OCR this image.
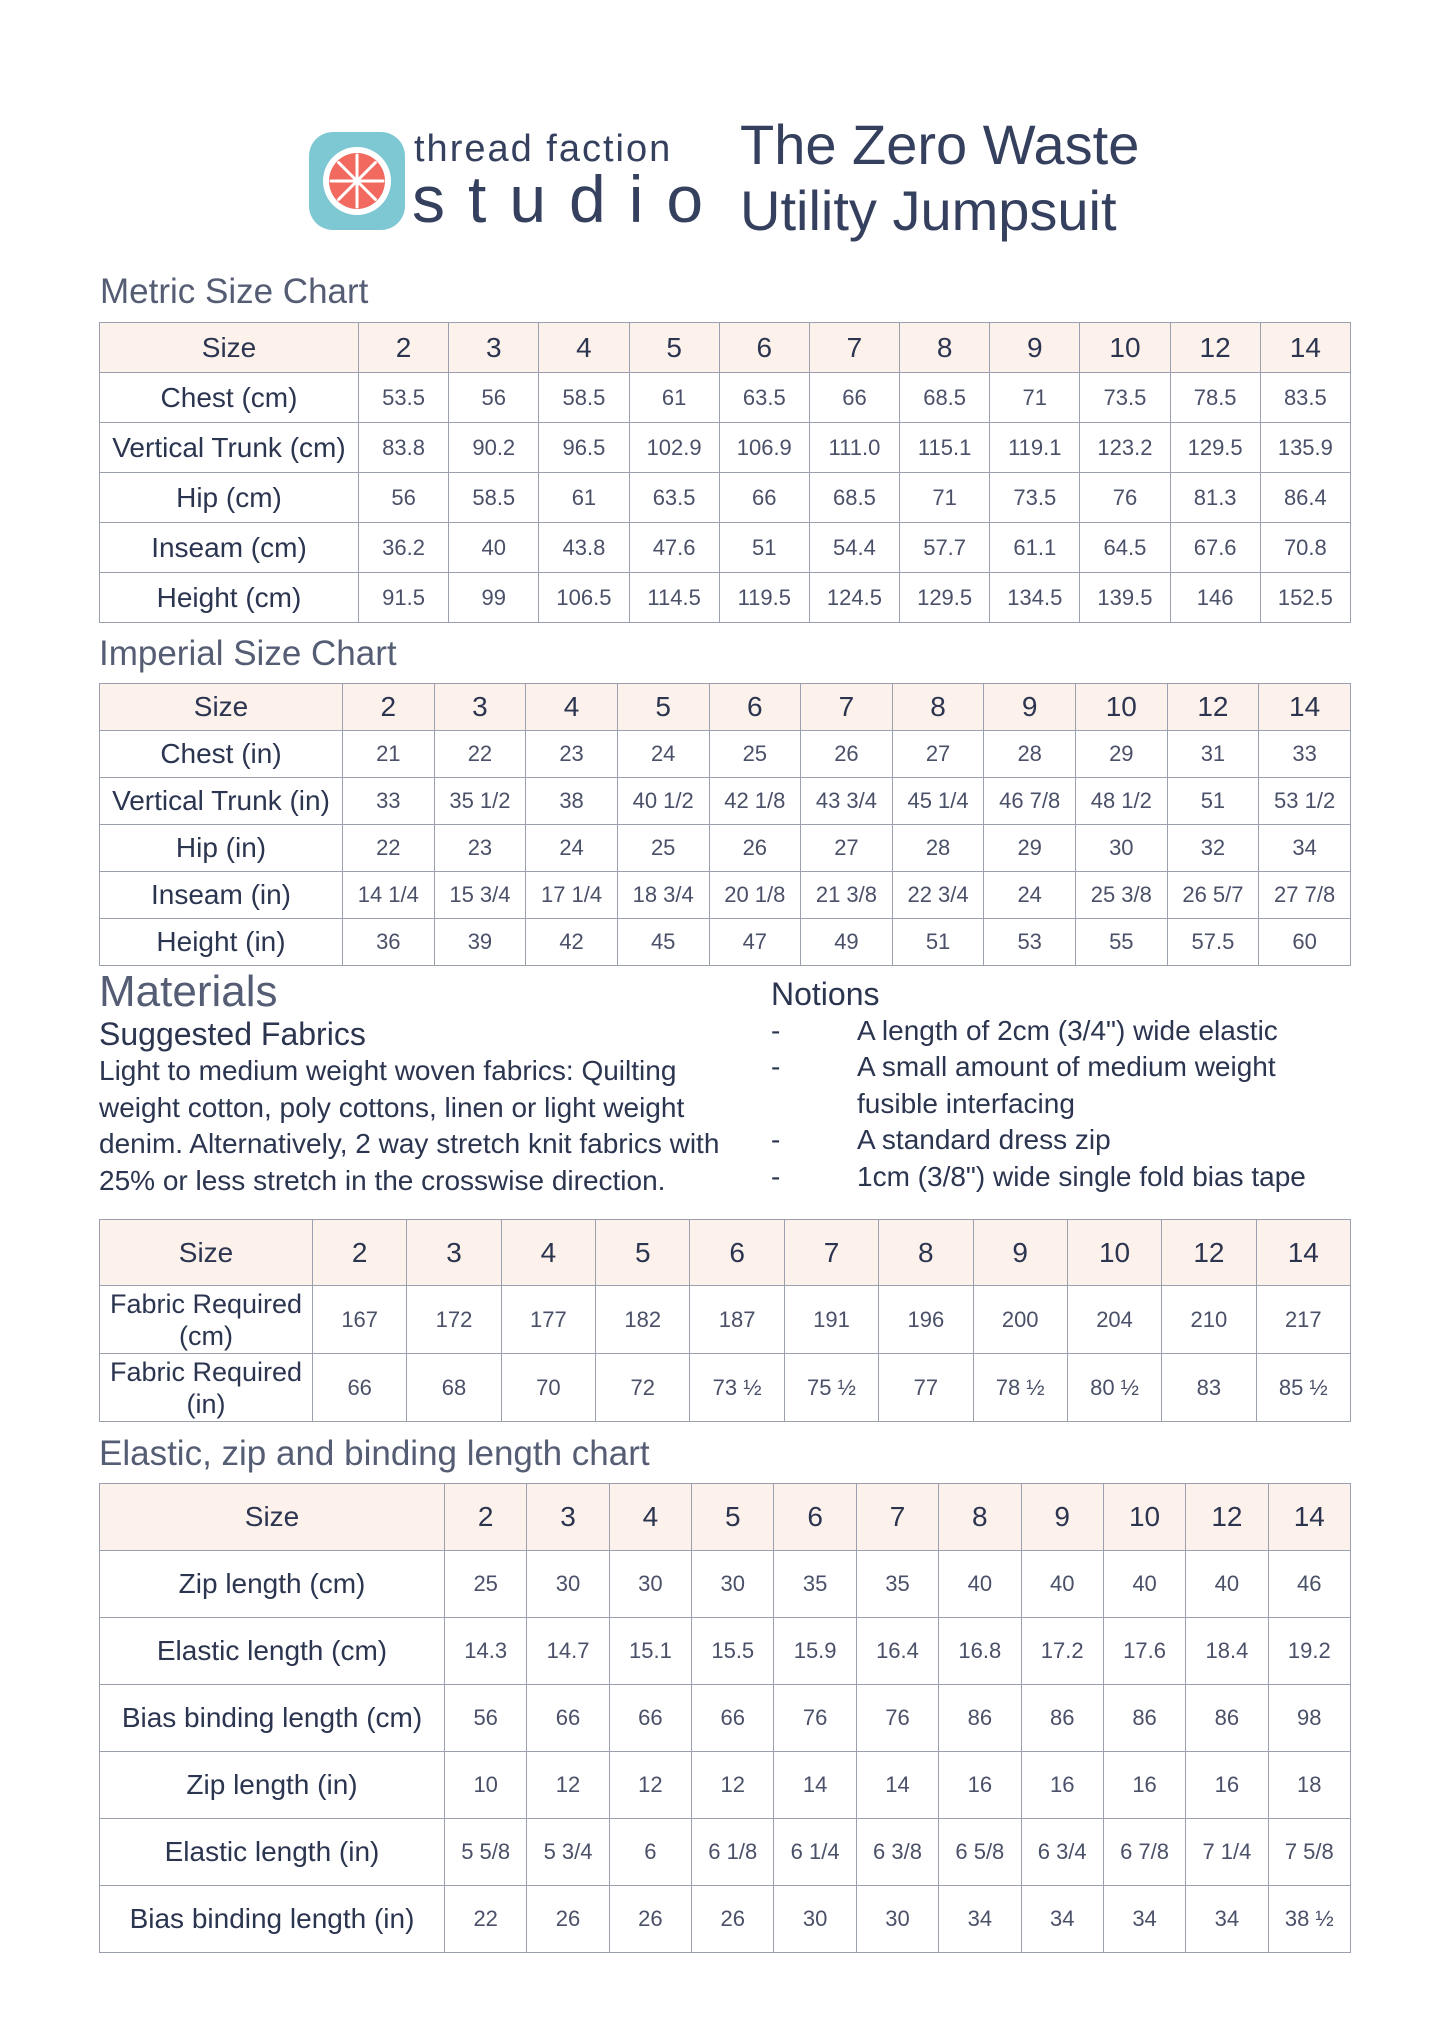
thread faction
studio
The Zero Waste
Utility Jumpsuit
Metric Size Chart
Size	2	3	4	5	6	7	8	9	10	12	14
Chest (cm)	53.5	56	58.5	61	63.5	66	68.5	71	73.5	78.5	83.5
Vertical Trunk (cm)	83.8	90.2	96.5	102.9	106.9	111.0	115.1	119.1	123.2	129.5	135.9
Hip (cm)	56	58.5	61	63.5	66	68.5	71	73.5	76	81.3	86.4
Inseam (cm)	36.2	40	43.8	47.6	51	54.4	57.7	61.1	64.5	67.6	70.8
Height (cm)	91.5	99	106.5	114.5	119.5	124.5	129.5	134.5	139.5	146	152.5
Imperial Size Chart
Size	2	3	4	5	6	7	8	9	10	12	14
Chest (in)	21	22	23	24	25	26	27	28	29	31	33
Vertical Trunk (in)	33	35 1/2	38	40 1/2	42 1/8	43 3/4	45 1/4	46 7/8	48 1/2	51	53 1/2
Hip (in)	22	23	24	25	26	27	28	29	30	32	34
Inseam (in)	14 1/4	15 3/4	17 1/4	18 3/4	20 1/8	21 3/8	22 3/4	24	25 3/8	26 5/7	27 7/8
Height (in)	36	39	42	45	47	49	51	53	55	57.5	60
Materials
Suggested Fabrics
Light to medium weight woven fabrics: Quilting weight cotton, poly cottons, linen or light weight denim. Alternatively, 2 way stretch knit fabrics with 25% or less stretch in the crosswise direction.
Notions
-	A length of 2cm (3/4") wide elastic
-	A small amount of medium weight fusible interfacing
-	A standard dress zip
-	1cm (3/8") wide single fold bias tape
Size	2	3	4	5	6	7	8	9	10	12	14
Fabric Required (cm)	167	172	177	182	187	191	196	200	204	210	217
Fabric Required (in)	66	68	70	72	73 ½	75 ½	77	78 ½	80 ½	83	85 ½
Elastic, zip and binding length chart
Size	2	3	4	5	6	7	8	9	10	12	14
Zip length (cm)	25	30	30	30	35	35	40	40	40	40	46
Elastic length (cm)	14.3	14.7	15.1	15.5	15.9	16.4	16.8	17.2	17.6	18.4	19.2
Bias binding length (cm)	56	66	66	66	76	76	86	86	86	86	98
Zip length (in)	10	12	12	12	14	14	16	16	16	16	18
Elastic length (in)	5 5/8	5 3/4	6	6 1/8	6 1/4	6 3/8	6 5/8	6 3/4	6 7/8	7 1/4	7 5/8
Bias binding length (in)	22	26	26	26	30	30	34	34	34	34	38 ½
